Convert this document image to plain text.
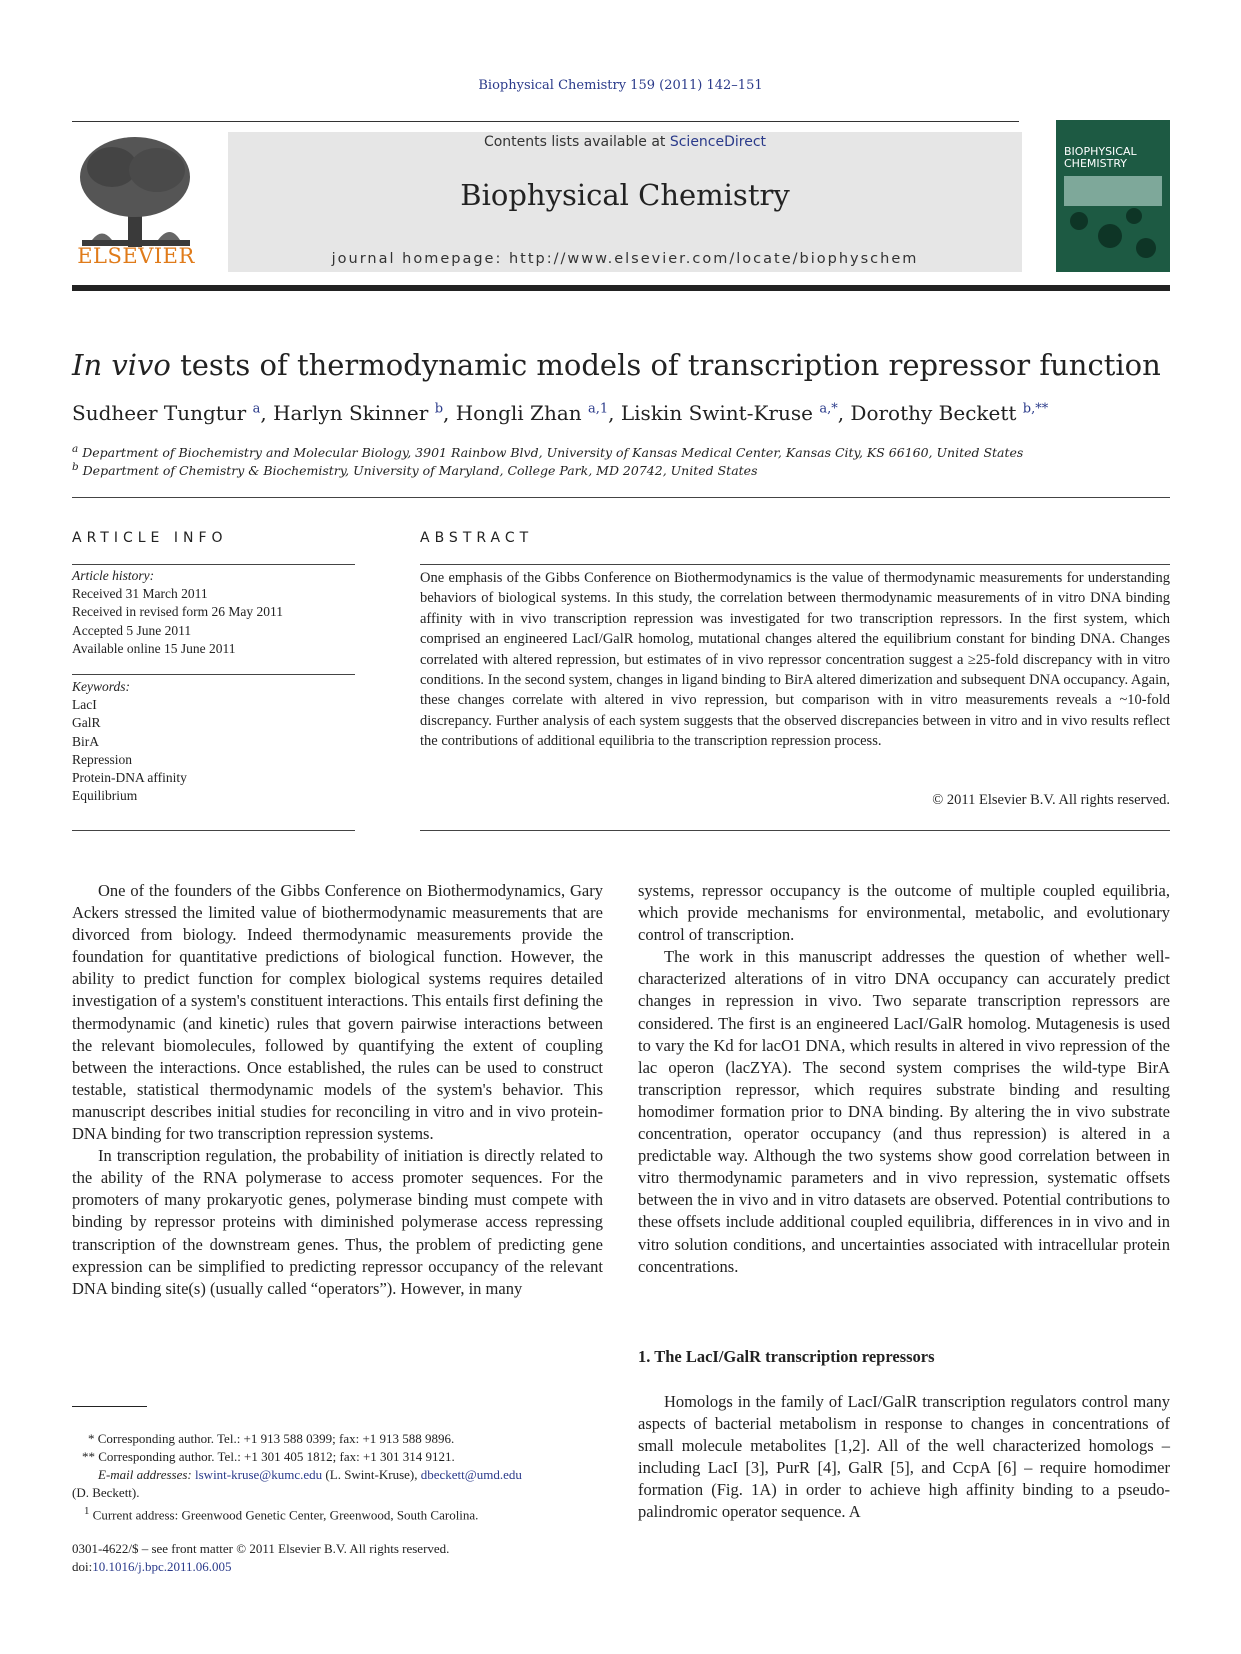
Biophysical Chemistry 159 (2011) 142–151
ELSEVIER
Contents lists available at ScienceDirect
Biophysical Chemistry
journal homepage: http://www.elsevier.com/locate/biophyschem
BIOPHYSICAL CHEMISTRY
In vivo tests of thermodynamic models of transcription repressor function
Sudheer Tungtur $^a$, Harlyn Skinner $^b$, Hongli Zhan $^{a,1}$, Liskin Swint-Kruse $^{a,*}$, Dorothy Beckett $^{b,**}$
$^a$ Department of Biochemistry and Molecular Biology, 3901 Rainbow Blvd, University of Kansas Medical Center, Kansas City, KS 66160, United States
$^b$ Department of Chemistry & Biochemistry, University of Maryland, College Park, MD 20742, United States
ARTICLE INFO
Article history:
Received 31 March 2011
Received in revised form 26 May 2011
Accepted 5 June 2011
Available online 15 June 2011
Keywords:
LacI
GalR
BirA
Repression
Protein-DNA affinity
Equilibrium
ABSTRACT
One emphasis of the Gibbs Conference on Biothermodynamics is the value of thermodynamic measurements for understanding behaviors of biological systems. In this study, the correlation between thermodynamic measurements of in vitro DNA binding affinity with in vivo transcription repression was investigated for two transcription repressors. In the first system, which comprised an engineered LacI/GalR homolog, mutational changes altered the equilibrium constant for binding DNA. Changes correlated with altered repression, but estimates of in vivo repressor concentration suggest a ≥25-fold discrepancy with in vitro conditions. In the second system, changes in ligand binding to BirA altered dimerization and subsequent DNA occupancy. Again, these changes correlate with altered in vivo repression, but comparison with in vitro measurements reveals a ~10-fold discrepancy. Further analysis of each system suggests that the observed discrepancies between in vitro and in vivo results reflect the contributions of additional equilibria to the transcription repression process.
© 2011 Elsevier B.V. All rights reserved.

One of the founders of the Gibbs Conference on Biothermodynamics, Gary Ackers stressed the limited value of biothermodynamic measurements that are divorced from biology. Indeed thermodynamic measurements provide the foundation for quantitative predictions of biological function. However, the ability to predict function for complex biological systems requires detailed investigation of a system's constituent interactions. This entails first defining the thermodynamic (and kinetic) rules that govern pairwise interactions between the relevant biomolecules, followed by quantifying the extent of coupling between the interactions. Once established, the rules can be used to construct testable, statistical thermodynamic models of the system's behavior. This manuscript describes initial studies for reconciling in vitro and in vivo protein-DNA binding for two transcription repression systems.

In transcription regulation, the probability of initiation is directly related to the ability of the RNA polymerase to access promoter sequences. For the promoters of many prokaryotic genes, polymerase binding must compete with binding by repressor proteins with diminished polymerase access repressing transcription of the downstream genes. Thus, the problem of predicting gene expression can be simplified to predicting repressor occupancy of the relevant DNA binding site(s) (usually called “operators”). However, in many

systems, repressor occupancy is the outcome of multiple coupled equilibria, which provide mechanisms for environmental, metabolic, and evolutionary control of transcription.

The work in this manuscript addresses the question of whether well-characterized alterations of in vitro DNA occupancy can accurately predict changes in repression in vivo. Two separate transcription repressors are considered. The first is an engineered LacI/GalR homolog. Mutagenesis is used to vary the Kd for lacO1 DNA, which results in altered in vivo repression of the lac operon (lacZYA). The second system comprises the wild-type BirA transcription repressor, which requires substrate binding and resulting homodimer formation prior to DNA binding. By altering the in vivo substrate concentration, operator occupancy (and thus repression) is altered in a predictable way. Although the two systems show good correlation between in vitro thermodynamic parameters and in vivo repression, systematic offsets between the in vivo and in vitro datasets are observed. Potential contributions to these offsets include additional coupled equilibria, differences in in vivo and in vitro solution conditions, and uncertainties associated with intracellular protein concentrations.

1. The LacI/GalR transcription repressors

Homologs in the family of LacI/GalR transcription regulators control many aspects of bacterial metabolism in response to changes in concentrations of small molecule metabolites [1,2]. All of the well characterized homologs – including LacI [3], PurR [4], GalR [5], and CcpA [6] – require homodimer formation (Fig. 1A) in order to achieve high affinity binding to a pseudo-palindromic operator sequence. A

* Corresponding author. Tel.: +1 913 588 0399; fax: +1 913 588 9896.
** Corresponding author. Tel.: +1 301 405 1812; fax: +1 301 314 9121.
E-mail addresses: lswint-kruse@kumc.edu (L. Swint-Kruse), dbeckett@umd.edu
(D. Beckett).
$^1$ Current address: Greenwood Genetic Center, Greenwood, South Carolina.
0301-4622/$ – see front matter © 2011 Elsevier B.V. All rights reserved.
doi:10.1016/j.bpc.2011.06.005
